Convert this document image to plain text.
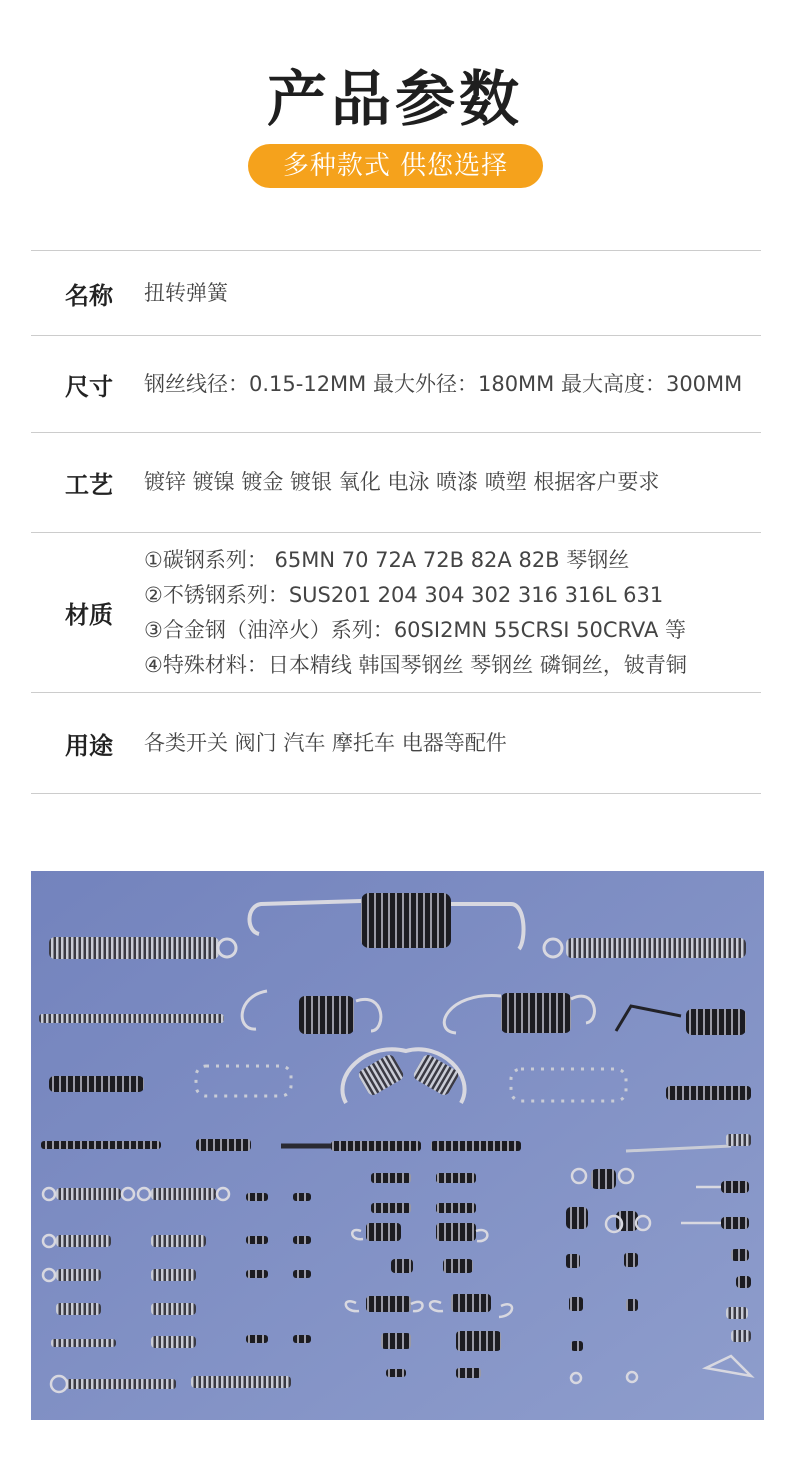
产品参数
多种款式 供您选择
名称	扭转弹簧
尺寸	钢丝线径：0.15-12MM 最大外径：180MM 最大高度：300MM
工艺	镀锌 镀镍 镀金 镀银 氧化 电泳 喷漆 喷塑 根据客户要求
材质
①碳钢系列： 65MN 70 72A 72B 82A 82B 琴钢丝
②不锈钢系列：SUS201 204 304 302 316 316L 631
③合金钢（油淬火）系列：60SI2MN 55CRSI 50CRVA 等
④特殊材料：日本精线 韩国琴钢丝 琴钢丝 磷铜丝，铍青铜
用途	各类开关 阀门 汽车 摩托车 电器等配件
